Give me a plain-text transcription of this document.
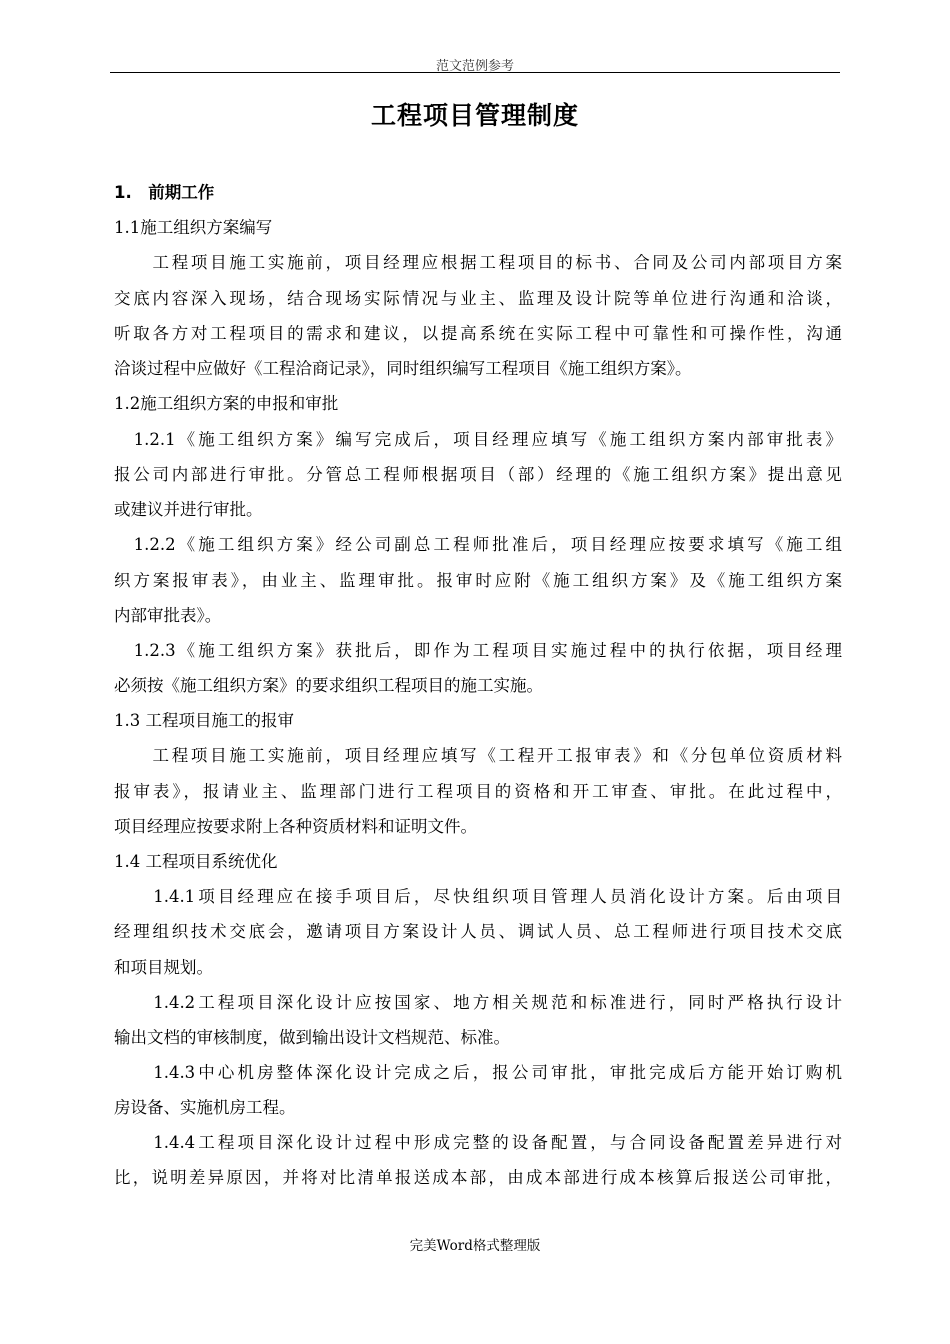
范文范例参考
工程项目管理制度
1.　前期工作
1.1施工组织方案编写
　　工程项目施工实施前，项目经理应根据工程项目的标书、合同及公司内部项目方案
交底内容深入现场，结合现场实际情况与业主、监理及设计院等单位进行沟通和洽谈，
听取各方对工程项目的需求和建议，以提高系统在实际工程中可靠性和可操作性，沟通
洽谈过程中应做好《工程洽商记录》，同时组织编写工程项目《施工组织方案》。
1.2施工组织方案的申报和审批
　1.2.1《施工组织方案》编写完成后，项目经理应填写《施工组织方案内部审批表》
报公司内部进行审批。分管总工程师根据项目（部）经理的《施工组织方案》提出意见
或建议并进行审批。
　1.2.2《施工组织方案》经公司副总工程师批准后，项目经理应按要求填写《施工组
织方案报审表》，由业主、监理审批。报审时应附《施工组织方案》及《施工组织方案
内部审批表》。
　1.2.3《施工组织方案》获批后，即作为工程项目实施过程中的执行依据，项目经理
必须按《施工组织方案》的要求组织工程项目的施工实施。
1.3 工程项目施工的报审
　　工程项目施工实施前，项目经理应填写《工程开工报审表》和《分包单位资质材料
报审表》，报请业主、监理部门进行工程项目的资格和开工审查、审批。在此过程中，
项目经理应按要求附上各种资质材料和证明文件。
1.4 工程项目系统优化
　　1.4.1项目经理应在接手项目后，尽快组织项目管理人员消化设计方案。后由项目
经理组织技术交底会，邀请项目方案设计人员、调试人员、总工程师进行项目技术交底
和项目规划。
　　1.4.2工程项目深化设计应按国家、地方相关规范和标准进行，同时严格执行设计
输出文档的审核制度，做到输出设计文档规范、标准。
　　1.4.3中心机房整体深化设计完成之后，报公司审批，审批完成后方能开始订购机
房设备、实施机房工程。
　　1.4.4工程项目深化设计过程中形成完整的设备配置，与合同设备配置差异进行对
比，说明差异原因，并将对比清单报送成本部，由成本部进行成本核算后报送公司审批，
完美Word格式整理版
